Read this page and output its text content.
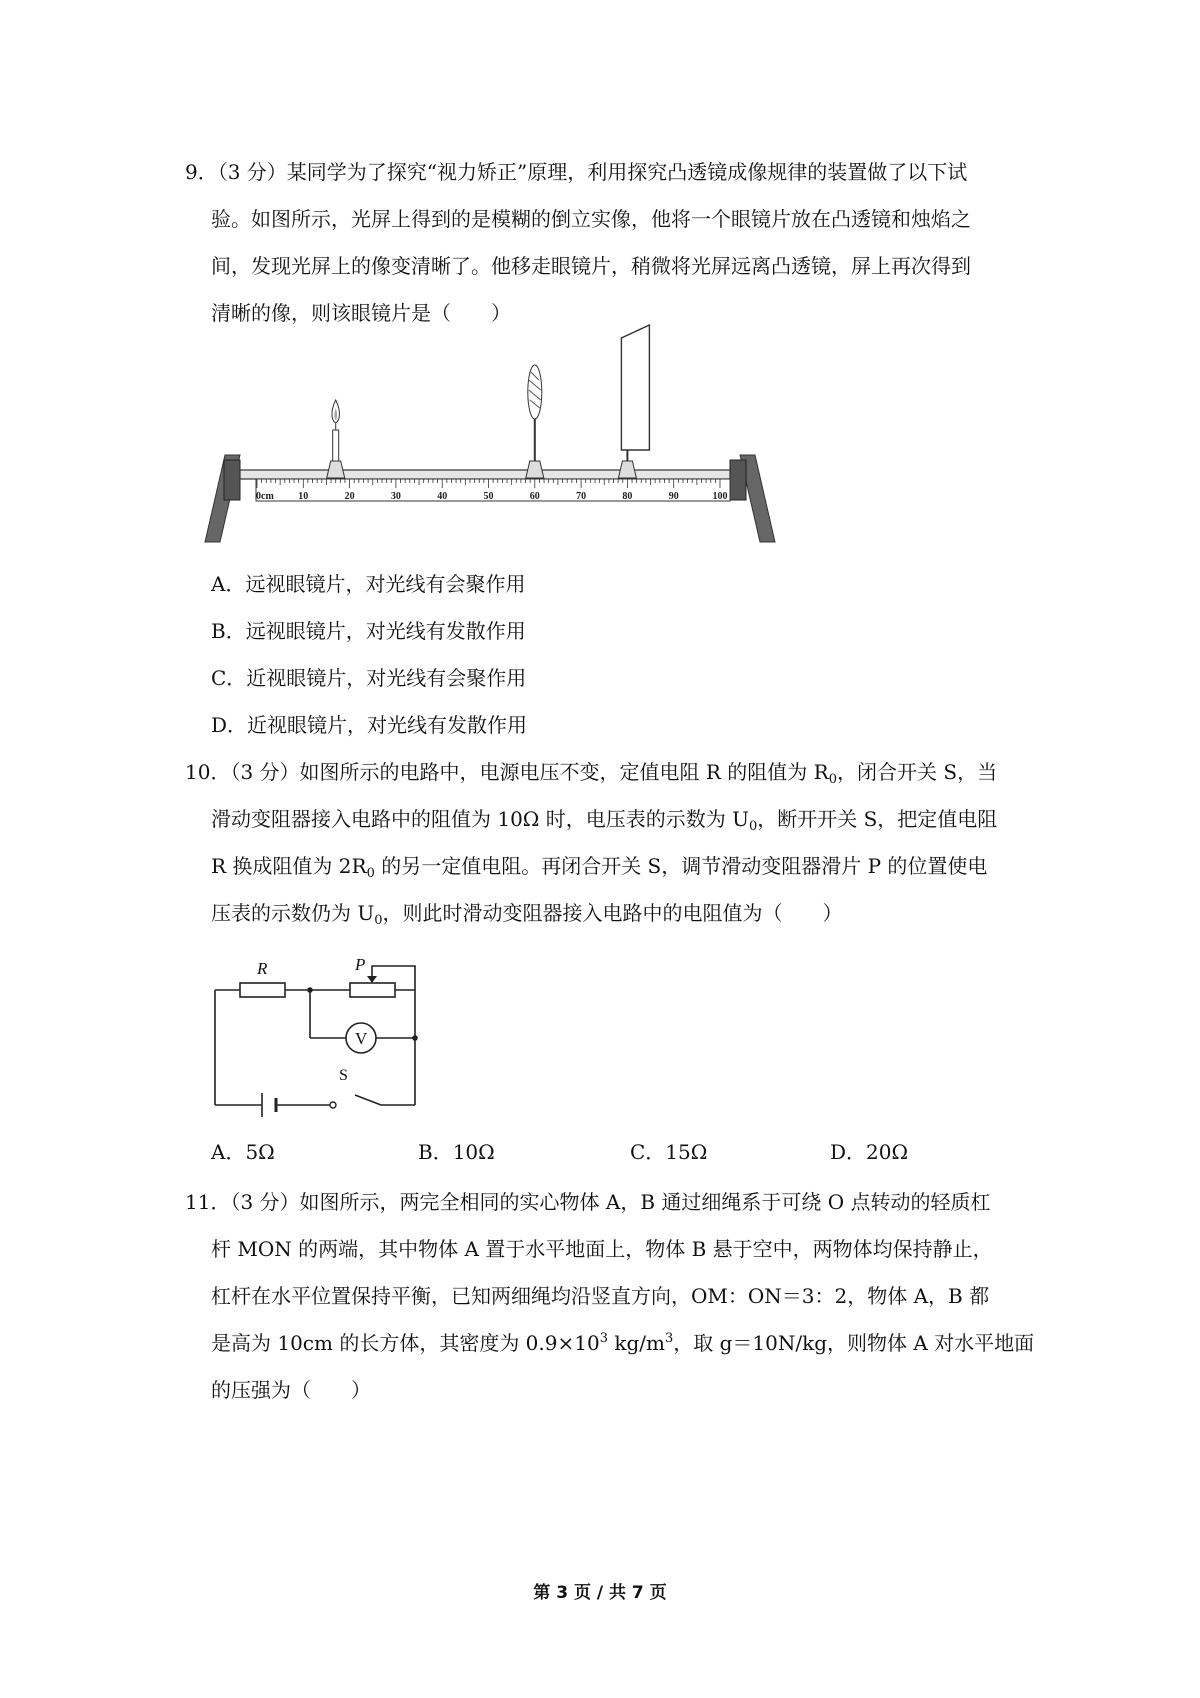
9．（3 分）某同学为了探究“视力矫正”原理，利用探究凸透镜成像规律的装置做了以下试
验。如图所示，光屏上得到的是模糊的倒立实像，他将一个眼镜片放在凸透镜和烛焰之
间，发现光屏上的像变清晰了。他移走眼镜片，稍微将光屏远离凸透镜，屏上再次得到
清晰的像，则该眼镜片是（　　）
0cm 10	20	30	40	50	60	70	80	90	100
A．远视眼镜片，对光线有会聚作用
B．远视眼镜片，对光线有发散作用
C．近视眼镜片，对光线有会聚作用
D．近视眼镜片，对光线有发散作用
10．（3 分）如图所示的电路中，电源电压不变，定值电阻 R 的阻值为 $R_0$，闭合开关 S，当
滑动变阻器接入电路中的阻值为 10Ω 时，电压表的示数为 $U_0$，断开开关 S，把定值电阻
R 换成阻值为 $2R_0$ 的另一定值电阻。再闭合开关 S，调节滑动变阻器滑片 P 的位置使电
压表的示数仍为 $U_0$，则此时滑动变阻器接入电路中的电阻值为（　　）
R	P
V
S
A．5Ω	B．10Ω	C．15Ω	D．20Ω
11．（3 分）如图所示，两完全相同的实心物体 A，B 通过细绳系于可绕 O 点转动的轻质杠
杆 MON 的两端，其中物体 A 置于水平地面上，物体 B 悬于空中，两物体均保持静止，
杠杆在水平位置保持平衡，已知两细绳均沿竖直方向，OM：ON＝3：2，物体 A，B 都
是高为 10cm 的长方体，其密度为 $0.9\times 10^3$ $kg/m^3$，取 g＝10N/kg，则物体 A 对水平地面
的压强为（　　）
第 3 页 / 共 7 页
